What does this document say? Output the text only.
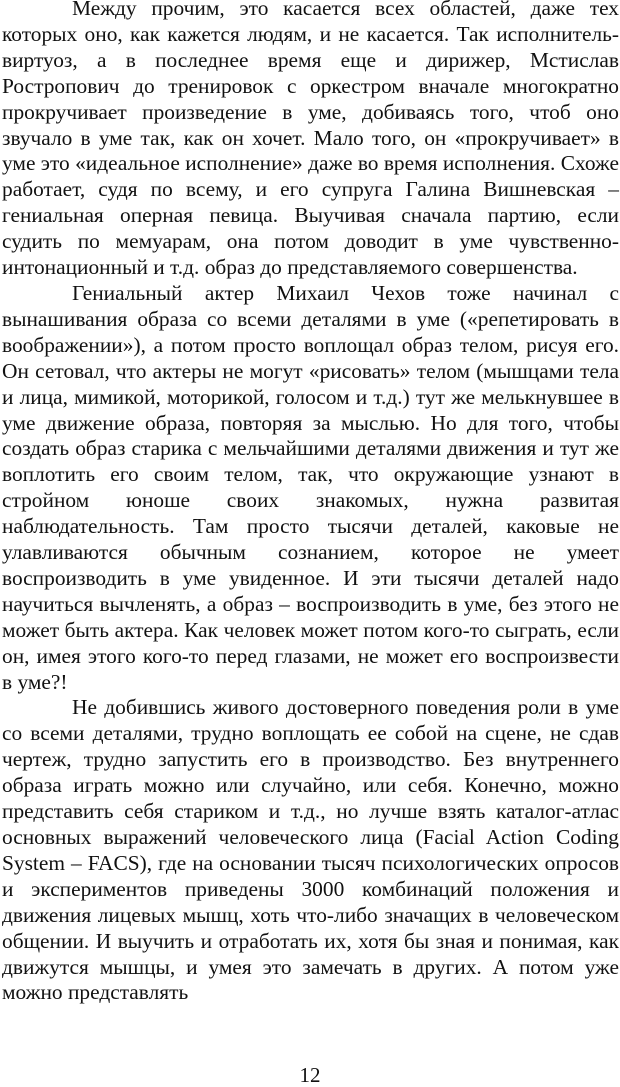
Между прочим, это касается всех областей, даже тех которых оно, как кажется людям, и не касается. Так исполнитель-виртуоз, а в последнее время еще и дирижер, Мстислав Ростропович до тренировок с оркестром вначале многократно прокручивает произведение в уме, добиваясь того, чтоб оно звучало в уме так, как он хочет. Мало того, он «прокручивает» в уме это «идеальное исполнение» даже во время исполнения. Схоже работает, судя по всему, и его супруга Галина Вишневская – гениальная оперная певица. Выучивая сначала партию, если судить по мемуарам, она потом доводит в уме чувственно-интонационный и т.д. образ до представляемого совершенства.

Гениальный актер Михаил Чехов тоже начинал с вынашивания образа со всеми деталями в уме («репетировать в воображении»), а потом просто воплощал образ телом, рисуя его. Он сетовал, что актеры не могут «рисовать» телом (мышцами тела и лица, мимикой, моторикой, голосом и т.д.) тут же мелькнувшее в уме движение образа, повторяя за мыслью. Но для того, чтобы создать образ старика с мельчайшими деталями движения и тут же воплотить его своим телом, так, что окружающие узнают в стройном юноше своих знакомых, нужна развитая наблюдательность. Там просто тысячи деталей, каковые не улавливаются обычным сознанием, которое не умеет воспроизводить в уме увиденное. И эти тысячи деталей надо научиться вычленять, а образ – воспроизводить в уме, без этого не может быть актера. Как человек может потом кого-то сыграть, если он, имея этого кого-то перед глазами, не может его воспроизвести в уме?!

Не добившись живого достоверного поведения роли в уме со всеми деталями, трудно воплощать ее собой на сцене, не сдав чертеж, трудно запустить его в производство. Без внутреннего образа играть можно или случайно, или себя. Конечно, можно представить себя стариком и т.д., но лучше взять каталог-атлас основных выражений человеческого лица (Facial Action Coding System – FACS), где на основании тысяч психологических опросов и экспериментов приведены 3000 комбинаций положения и движения лицевых мышц, хоть что-либо значащих в человеческом общении. И выучить и отработать их, хотя бы зная и понимая, как движутся мышцы, и умея это замечать в других. А потом уже можно представлять

12
